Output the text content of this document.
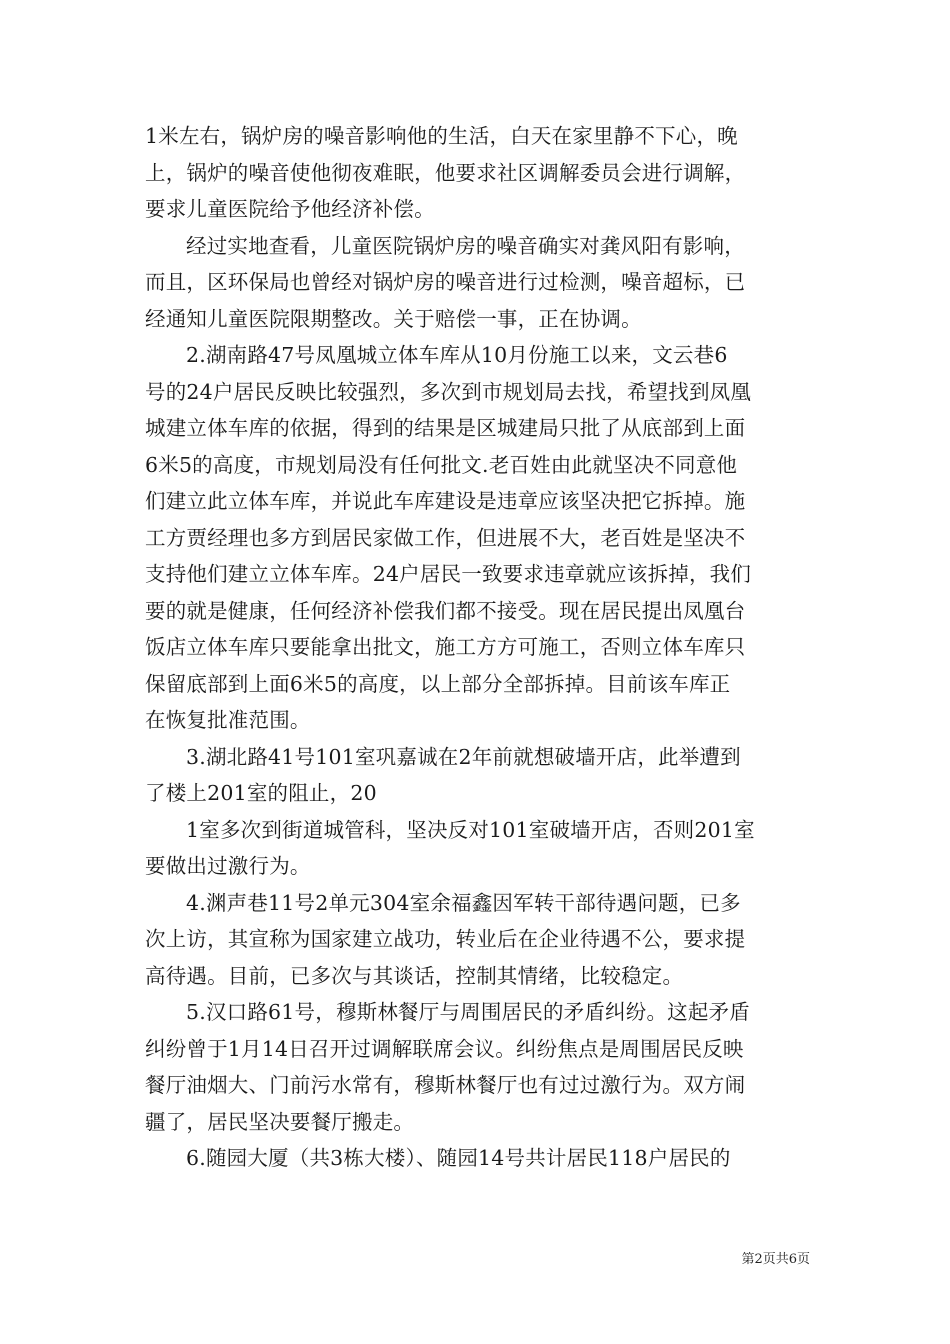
1米左右，锅炉房的噪音影响他的生活，白天在家里静不下心，晚
上，锅炉的噪音使他彻夜难眠，他要求社区调解委员会进行调解，
要求儿童医院给予他经济补偿。

经过实地查看，儿童医院锅炉房的噪音确实对龚风阳有影响，
而且，区环保局也曾经对锅炉房的噪音进行过检测，噪音超标，已
经通知儿童医院限期整改。关于赔偿一事，正在协调。

2.湖南路47号凤凰城立体车库从10月份施工以来，文云巷6
号的24户居民反映比较强烈，多次到市规划局去找，希望找到凤凰
城建立体车库的依据，得到的结果是区城建局只批了从底部到上面
6米5的高度，市规划局没有任何批文.老百姓由此就坚决不同意他
们建立此立体车库，并说此车库建设是违章应该坚决把它拆掉。施
工方贾经理也多方到居民家做工作，但进展不大，老百姓是坚决不
支持他们建立立体车库。24户居民一致要求违章就应该拆掉，我们
要的就是健康，任何经济补偿我们都不接受。现在居民提出凤凰台
饭店立体车库只要能拿出批文，施工方方可施工，否则立体车库只
保留底部到上面6米5的高度，以上部分全部拆掉。目前该车库正
在恢复批准范围。

3.湖北路41号101室巩嘉诚在2年前就想破墙开店，此举遭到
了楼上201室的阻止，20

1室多次到街道城管科，坚决反对101室破墙开店，否则201室
要做出过激行为。

4.渊声巷11号2单元304室余福鑫因军转干部待遇问题，已多
次上访，其宣称为国家建立战功，转业后在企业待遇不公，要求提
高待遇。目前，已多次与其谈话，控制其情绪，比较稳定。

5.汉口路61号，穆斯林餐厅与周围居民的矛盾纠纷。这起矛盾
纠纷曾于1月14日召开过调解联席会议。纠纷焦点是周围居民反映
餐厅油烟大、门前污水常有，穆斯林餐厅也有过过激行为。双方闹
疆了，居民坚决要餐厅搬走。

6.随园大厦（共3栋大楼）、随园14号共计居民118户居民的

第2页共6页
